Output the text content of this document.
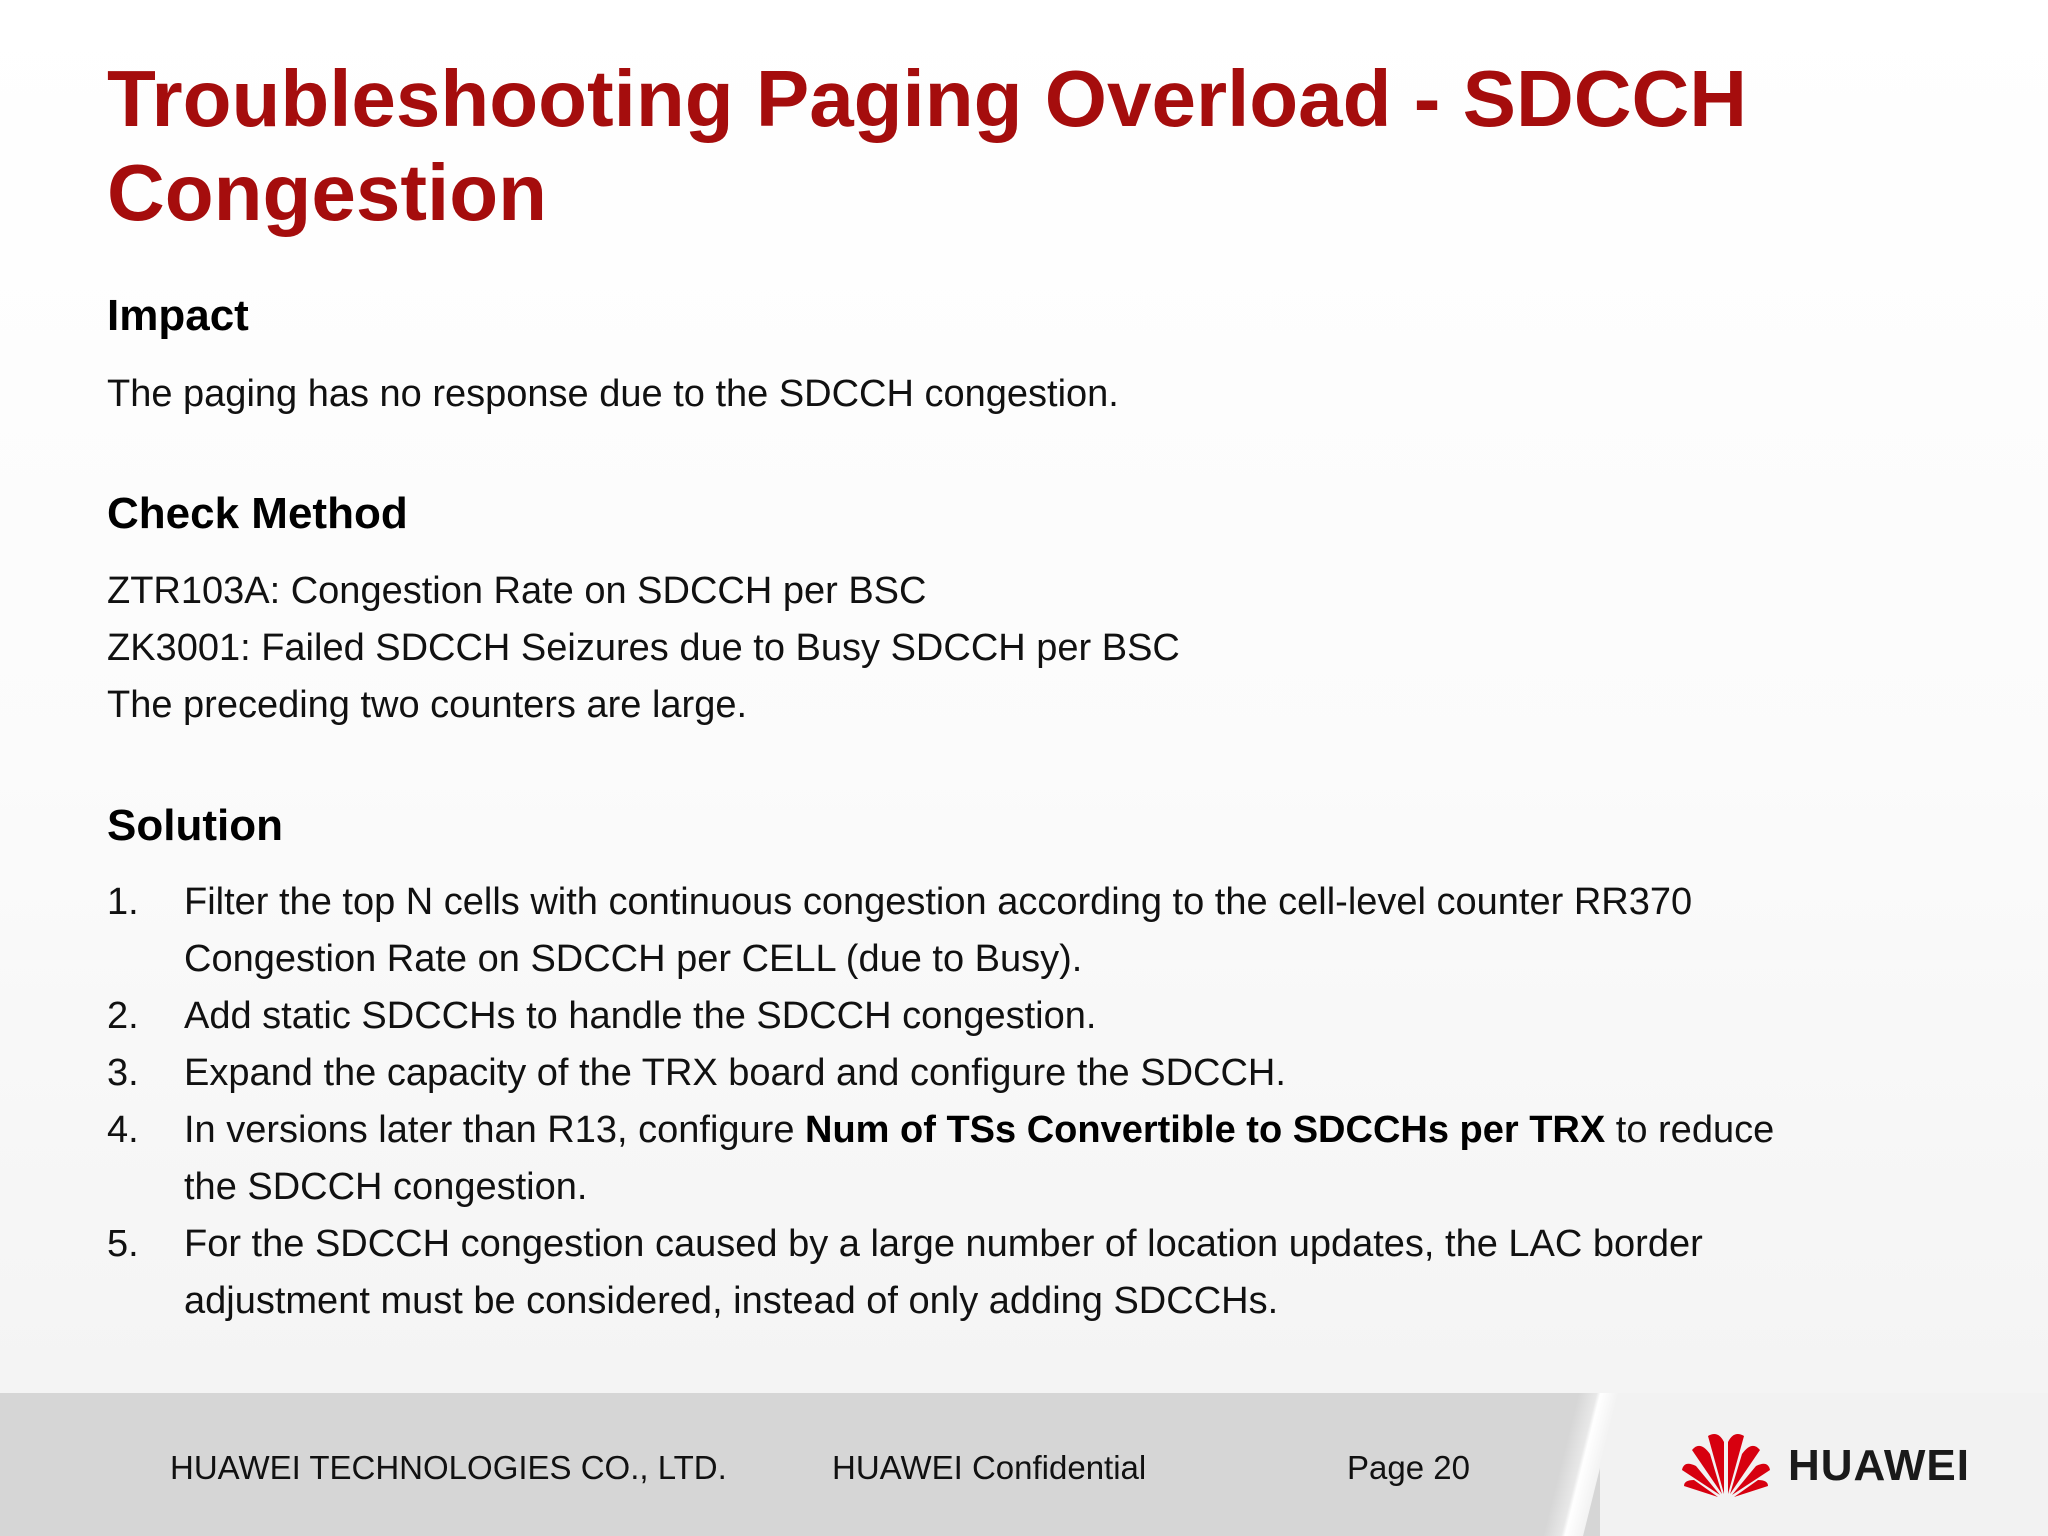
Troubleshooting Paging Overload - SDCCH
Congestion
Impact

The paging has no response due to the SDCCH congestion.

Check Method
ZTR103A: Congestion Rate on SDCCH per BSC
ZK3001: Failed SDCCH Seizures due to Busy SDCCH per BSC
The preceding two counters are large.
Solution
1. Filter the top N cells with continuous congestion according to the cell-level counter RR370
Congestion Rate on SDCCH per CELL (due to Busy).
2. Add static SDCCHs to handle the SDCCH congestion.
3. Expand the capacity of the TRX board and configure the SDCCH.
4. In versions later than R13, configure Num of TSs Convertible to SDCCHs per TRX to reduce
the SDCCH congestion.
5. For the SDCCH congestion caused by a large number of location updates, the LAC border
adjustment must be considered, instead of only adding SDCCHs.
HUAWEI TECHNOLOGIES CO., LTD.	HUAWEI Confidential	Page 20	HUAWEI
